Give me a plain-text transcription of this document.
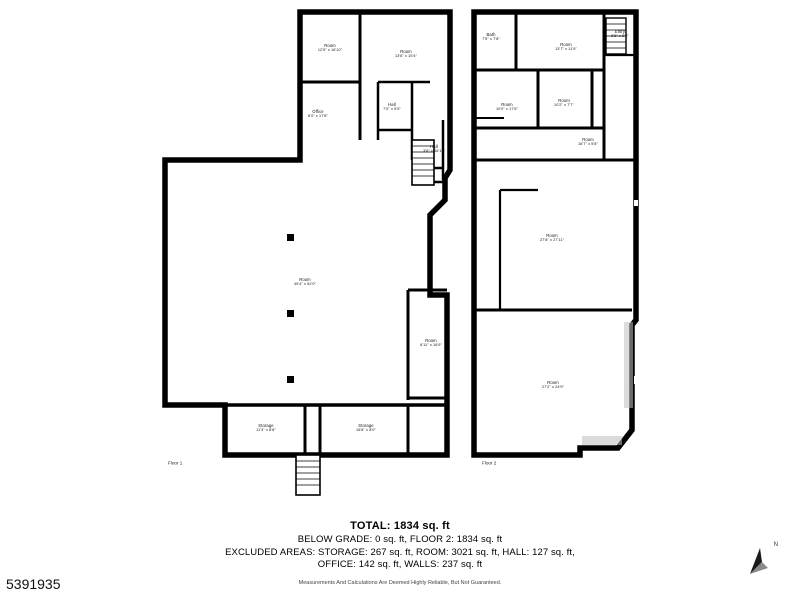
Room
12'5" x 16'10"	Room
13'6" x 15'4"
Office
8'0" x 17'8"
Hall
7'0" x 5'5"
Hall
3'6" x 16'11"
Room
49'4" x 52'0"
Room
6'11" x 16'9"
Storage
11'3" x 8'8"
Storage
16'8" x 8'0"
Bath
7'5" x 7'8"
Room
13'7" x 11'9"
Entry
8'5" x 5'9"
Room
10'0" x 17'6"
Room
10'2" x 7'7"
Room
16'7" x 5'8"
Room
27'8" x 27'11"
Room
27'2" x 24'9"
Floor 1	Floor 2
TOTAL: 1834 sq. ft
BELOW GRADE: 0 sq. ft, FLOOR 2: 1834 sq. ft
EXCLUDED AREAS: STORAGE: 267 sq. ft, ROOM: 3021 sq. ft, HALL: 127 sq. ft,
OFFICE: 142 sq. ft, WALLS: 237 sq. ft
Measurements And Calculations Are Deemed Highly Reliable, But Not Guaranteed.
5391935
N
